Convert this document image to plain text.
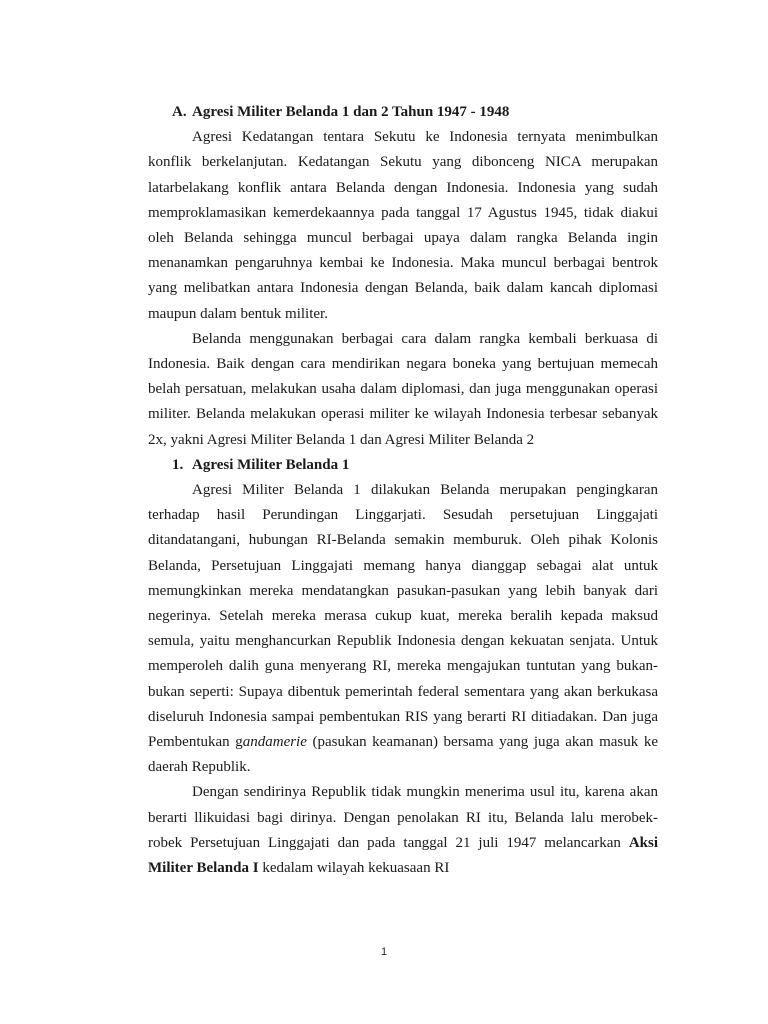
A. Agresi Militer Belanda 1 dan 2 Tahun 1947 - 1948

Agresi Kedatangan tentara Sekutu ke Indonesia ternyata menimbulkan konflik berkelanjutan. Kedatangan Sekutu yang dibonceng NICA merupakan latarbelakang konflik antara Belanda dengan Indonesia. Indonesia yang sudah memproklamasikan kemerdekaannya pada tanggal 17 Agustus 1945, tidak diakui oleh Belanda sehingga muncul berbagai upaya dalam rangka Belanda ingin menanamkan pengaruhnya kembai ke Indonesia. Maka muncul berbagai bentrok yang melibatkan antara Indonesia dengan Belanda, baik dalam kancah diplomasi maupun dalam bentuk militer.

Belanda menggunakan berbagai cara dalam rangka kembali berkuasa di Indonesia. Baik dengan cara mendirikan negara boneka yang bertujuan memecah belah persatuan, melakukan usaha dalam diplomasi, dan juga menggunakan operasi militer. Belanda melakukan operasi militer ke wilayah Indonesia terbesar sebanyak 2x, yakni Agresi Militer Belanda 1 dan Agresi Militer Belanda 2

1. Agresi Militer Belanda 1

Agresi Militer Belanda 1 dilakukan Belanda merupakan pengingkaran terhadap hasil Perundingan Linggarjati. Sesudah persetujuan Linggajati ditandatangani, hubungan RI-Belanda semakin memburuk. Oleh pihak Kolonis Belanda, Persetujuan Linggajati memang hanya dianggap sebagai alat untuk memungkinkan mereka mendatangkan pasukan-pasukan yang lebih banyak dari negerinya. Setelah mereka merasa cukup kuat, mereka beralih kepada maksud semula, yaitu menghancurkan Republik Indonesia dengan kekuatan senjata. Untuk memperoleh dalih guna menyerang RI, mereka mengajukan tuntutan yang bukan-bukan seperti: Supaya dibentuk pemerintah federal sementara yang akan berkukasa diseluruh Indonesia sampai pembentukan RIS yang berarti RI ditiadakan. Dan juga Pembentukan gandamerie (pasukan keamanan) bersama yang juga akan masuk ke daerah Republik.

Dengan sendirinya Republik tidak mungkin menerima usul itu, karena akan berarti llikuidasi bagi dirinya. Dengan penolakan RI itu, Belanda lalu merobek-robek Persetujuan Linggajati dan pada tanggal 21 juli 1947 melancarkan Aksi Militer Belanda I kedalam wilayah kekuasaan RI

1
